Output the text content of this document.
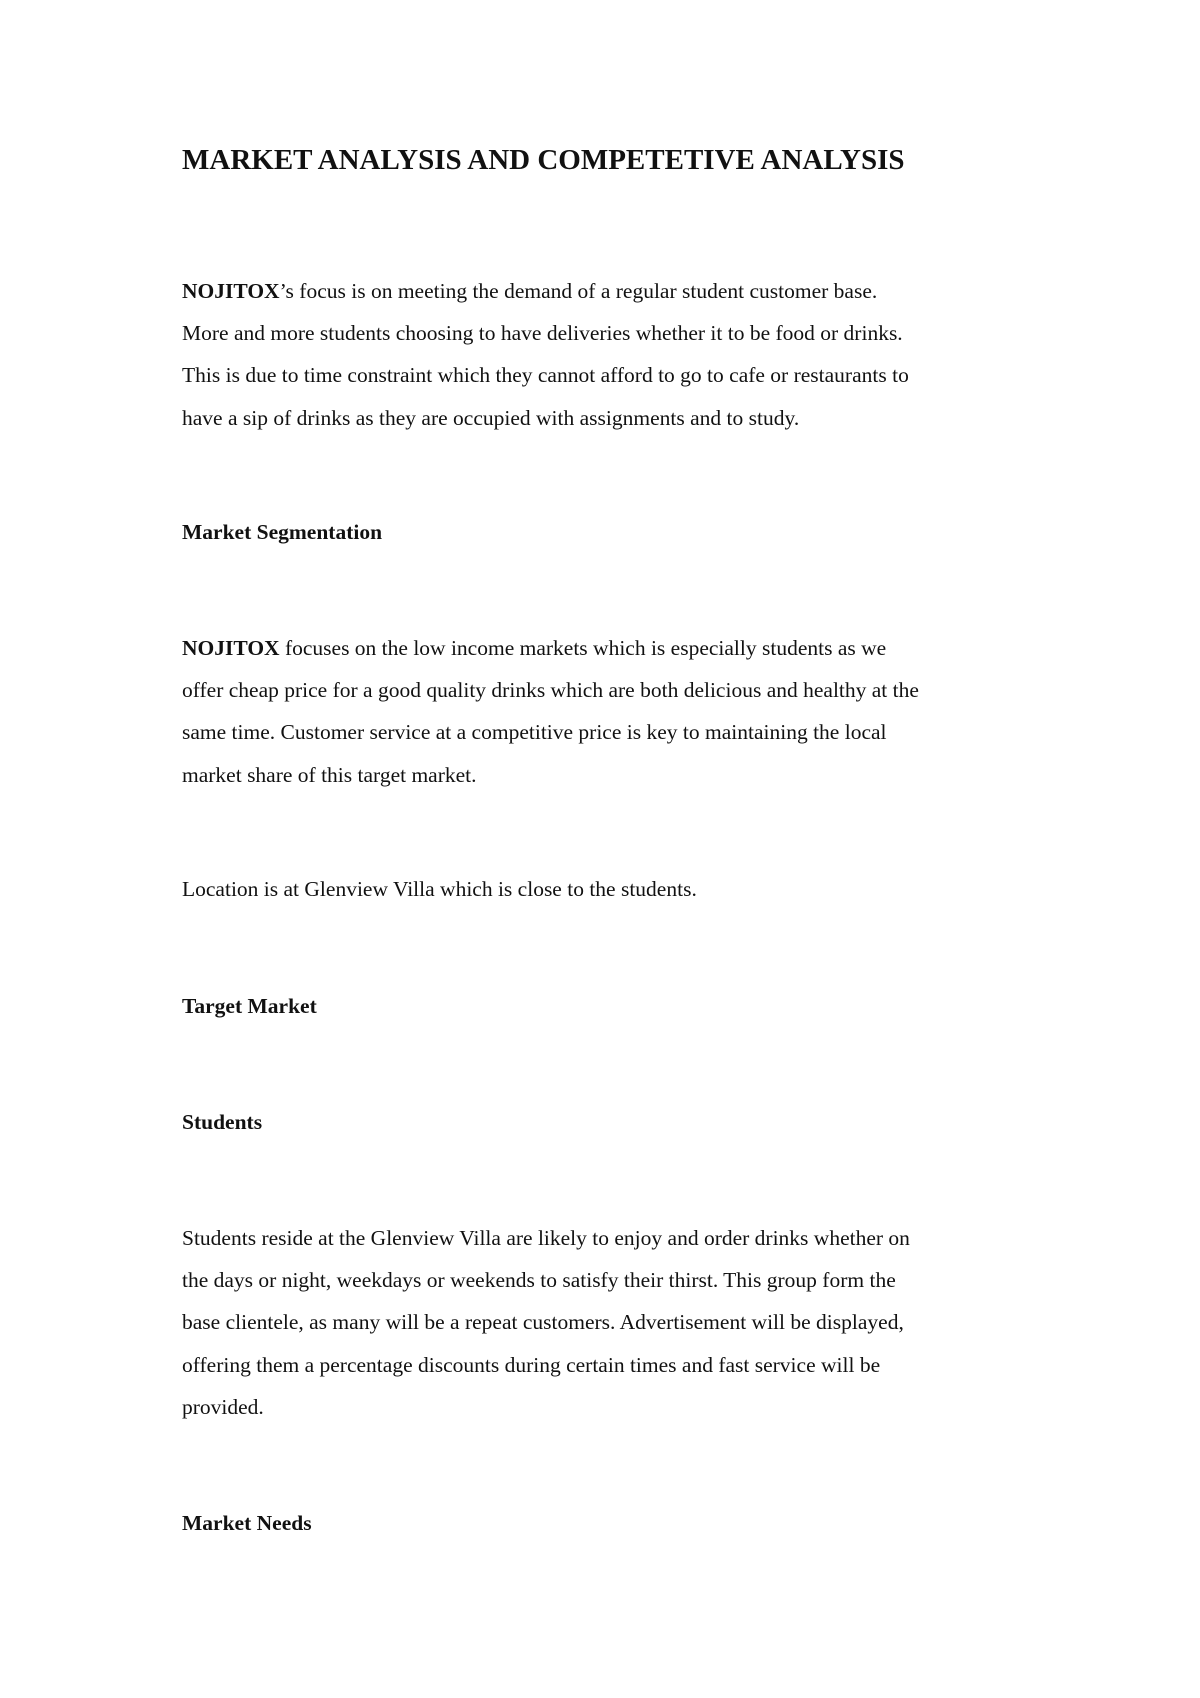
MARKET ANALYSIS AND COMPETETIVE ANALYSIS

NOJITOX’s focus is on meeting the demand of a regular student customer base.
More and more students choosing to have deliveries whether it to be food or drinks.
This is due to time constraint which they cannot afford to go to cafe or restaurants to
have a sip of drinks as they are occupied with assignments and to study.

Market Segmentation

NOJITOX focuses on the low income markets which is especially students as we
offer cheap price for a good quality drinks which are both delicious and healthy at the
same time. Customer service at a competitive price is key to maintaining the local
market share of this target market.

Location is at Glenview Villa which is close to the students.

Target Market
Students

Students reside at the Glenview Villa are likely to enjoy and order drinks whether on
the days or night, weekdays or weekends to satisfy their thirst. This group form the
base clientele, as many will be a repeat customers. Advertisement will be displayed,
offering them a percentage discounts during certain times and fast service will be
provided.

Market Needs
